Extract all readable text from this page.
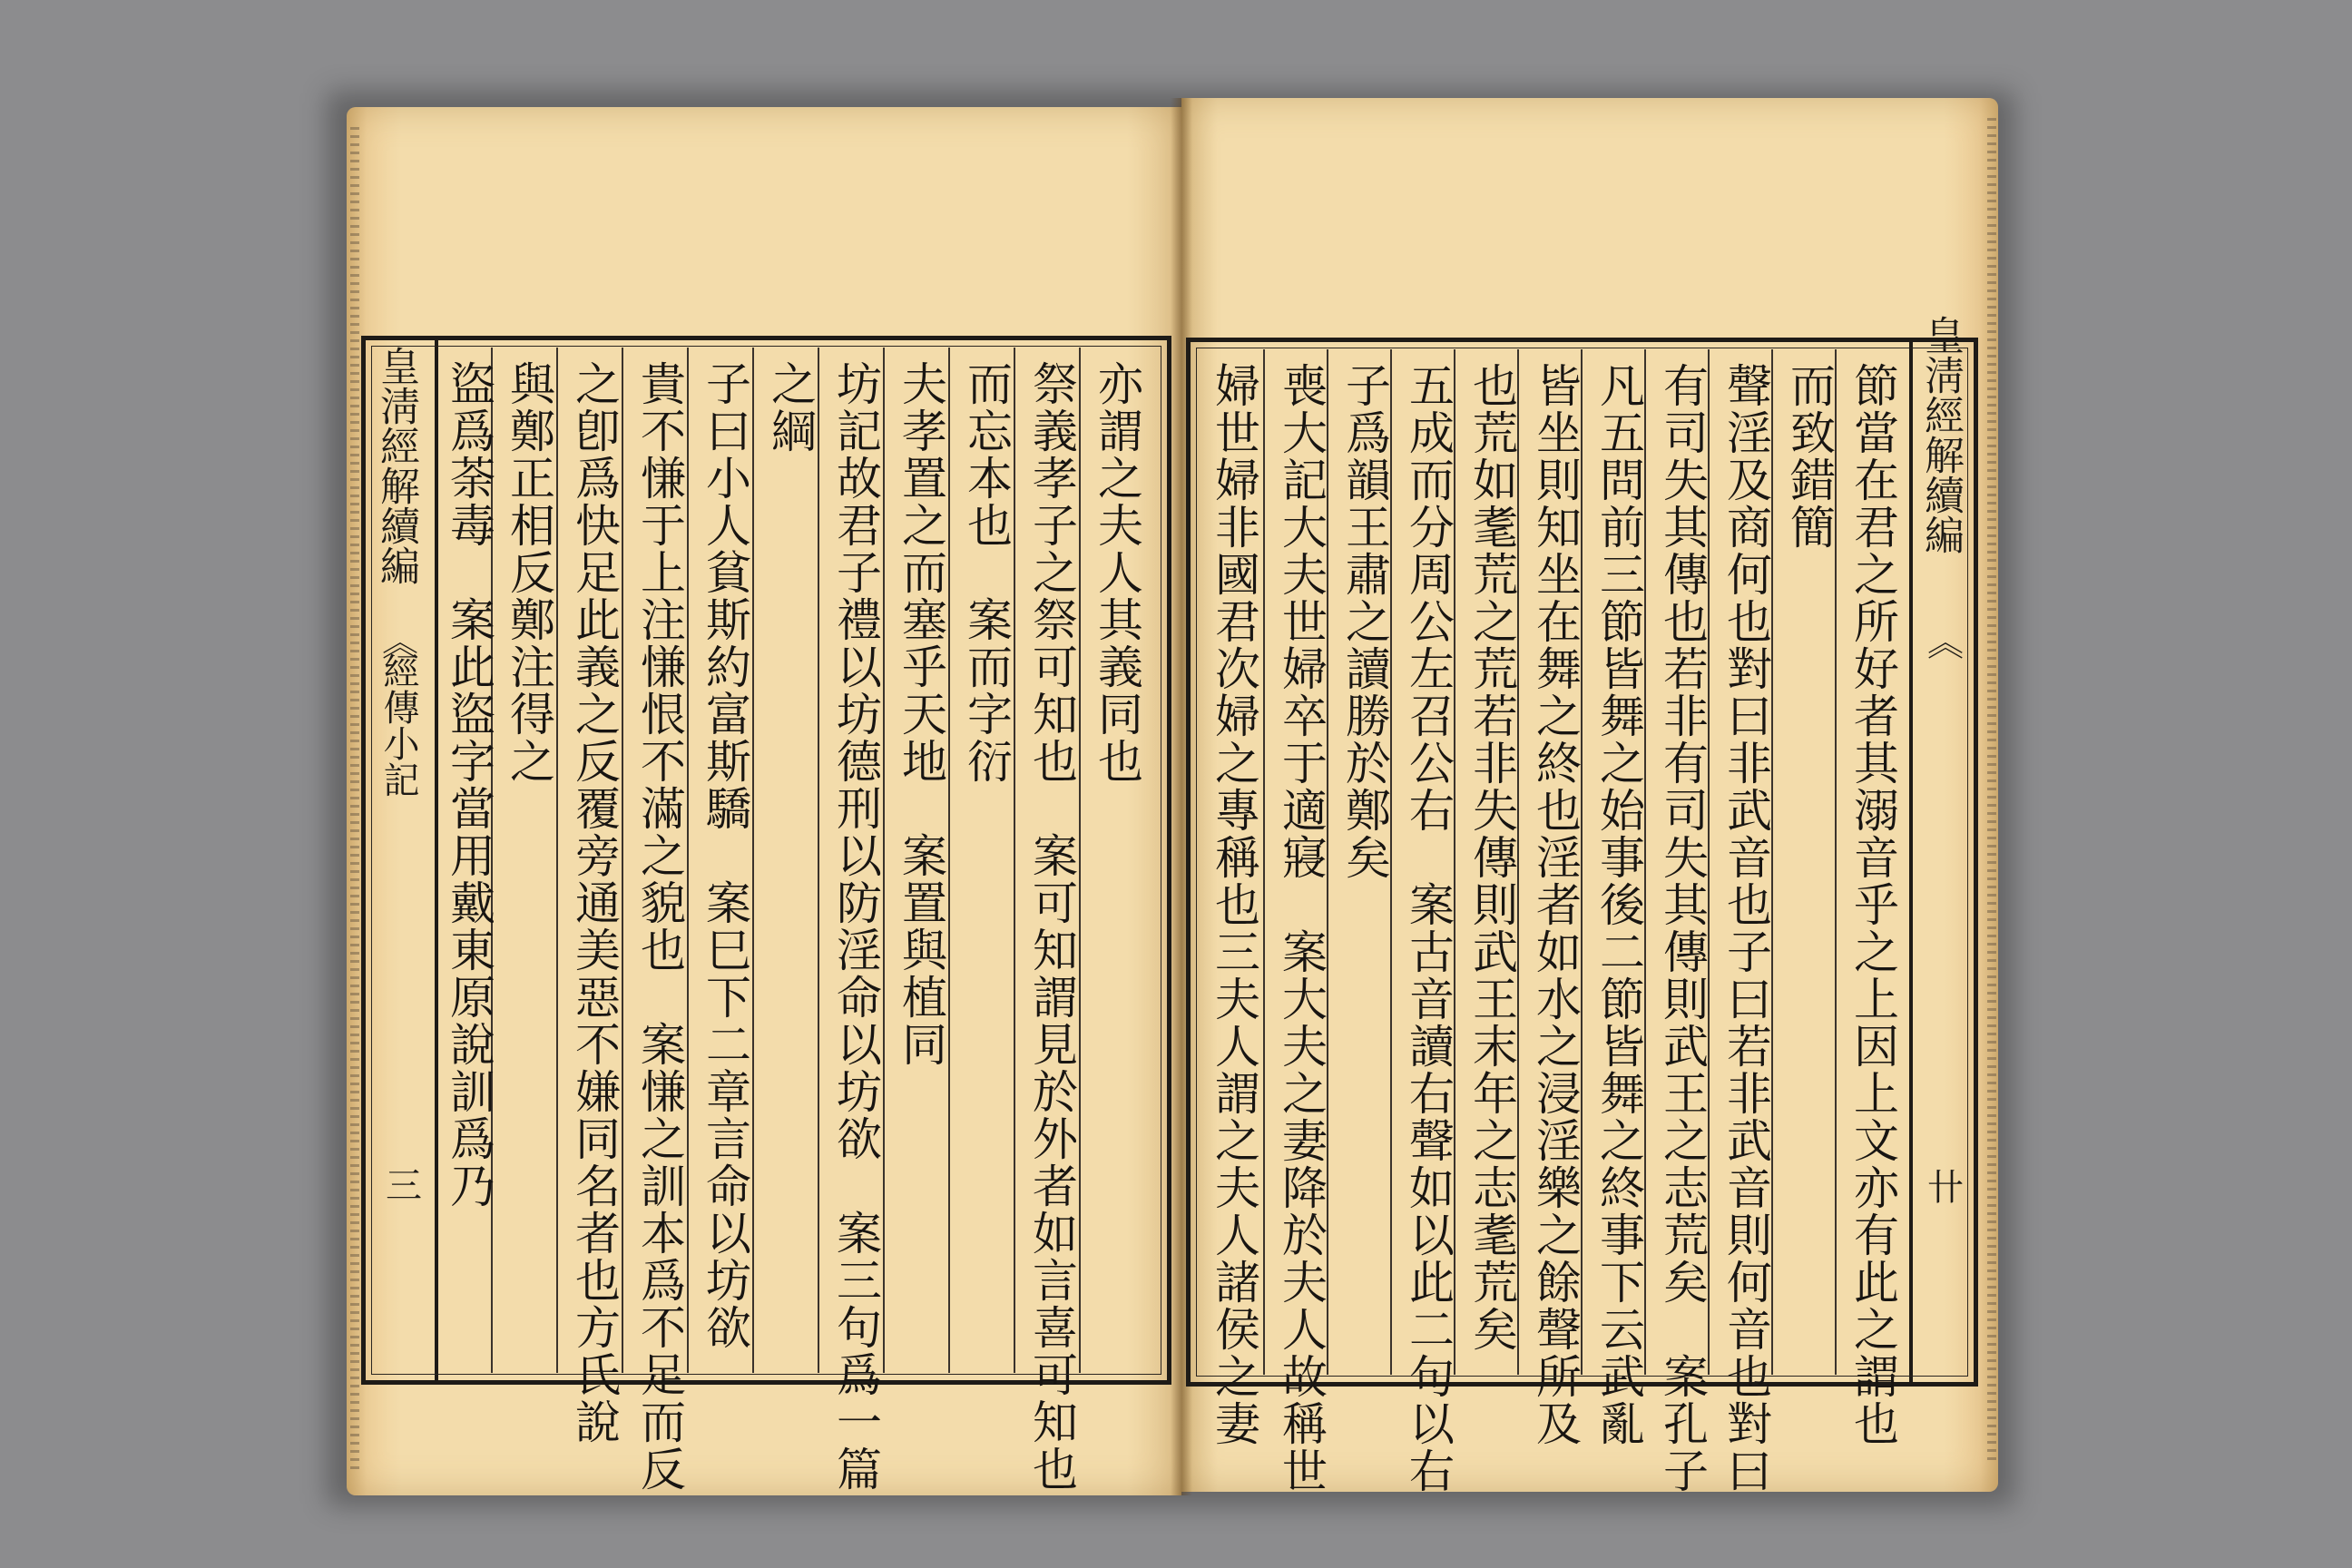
皇淸經解續編
︽
經傳小記
三
亦謂之夫人其義同也
祭義孝子之祭可知也　案可知謂見於外者如言喜可知也
而忘本也　案而字衍
夫孝置之而塞乎天地　案置與植同
坊記故君子禮以坊德刑以防淫命以坊欲　案三句爲一篇
之綱
子曰小人貧斯約富斯驕　案巳下二章言命以坊欲
貴不慊于上注慊恨不滿之貌也　案慊之訓本爲不足而反
之卽爲快足此義之反覆旁通美惡不嫌同名者也方氏說
與鄭正相反鄭注得之
盜爲荼毒　案此盜字當用戴東原說訓爲乃	皇淸經解續編
︽
卄
節當在君之所好者其溺音乎之上因上文亦有此之謂也
而致錯簡
聲淫及商何也對曰非武音也子曰若非武音則何音也對曰
有司失其傳也若非有司失其傳則武王之志荒矣　案孔子
凡五問前三節皆舞之始事後二節皆舞之終事下云武亂
皆坐則知坐在舞之終也淫者如水之浸淫樂之餘聲所及
也荒如耄荒之荒若非失傳則武王末年之志耄荒矣
五成而分周公左召公右　案古音讀右聲如以此二句以右
子爲韻王肅之讀勝於鄭矣
喪大記大夫世婦卒于適寢　案大夫之妻降於夫人故稱世
婦世婦非國君次婦之專稱也三夫人謂之夫人諸侯之妻
